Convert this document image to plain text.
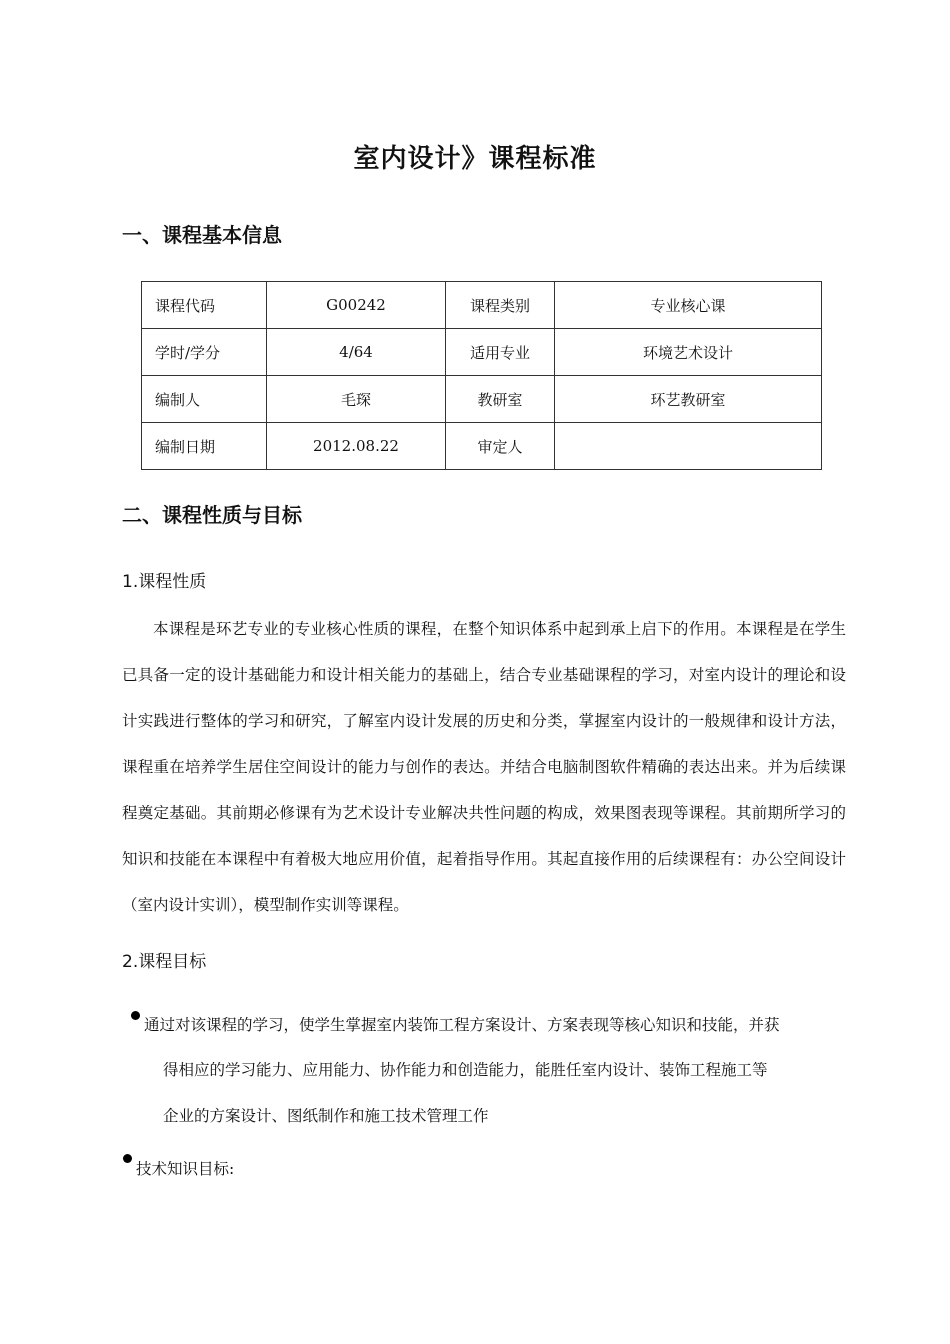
室内设计》课程标准
一、课程基本信息
课程代码	G00242	课程类别	专业核心课
学时/学分	4/64	适用专业	环境艺术设计
编制人	毛琛	教研室	环艺教研室
编制日期	2012.08.22	审定人	
二、课程性质与目标
1.课程性质
本课程是环艺专业的专业核心性质的课程，在整个知识体系中起到承上启下的作用。本课程是在学生已具备一定的设计基础能力和设计相关能力的基础上，结合专业基础课程的学习，对室内设计的理论和设计实践进行整体的学习和研究，了解室内设计发展的历史和分类，掌握室内设计的一般规律和设计方法，课程重在培养学生居住空间设计的能力与创作的表达。并结合电脑制图软件精确的表达出来。并为后续课程奠定基础。其前期必修课有为艺术设计专业解决共性问题的构成，效果图表现等课程。其前期所学习的知识和技能在本课程中有着极大地应用价值，起着指导作用。其起直接作用的后续课程有：办公空间设计（室内设计实训），模型制作实训等课程。
2.课程目标
通过对该课程的学习，使学生掌握室内装饰工程方案设计、方案表现等核心知识和技能，并获
得相应的学习能力、应用能力、协作能力和创造能力，能胜任室内设计、装饰工程施工等
企业的方案设计、图纸制作和施工技术管理工作
技术知识目标:
